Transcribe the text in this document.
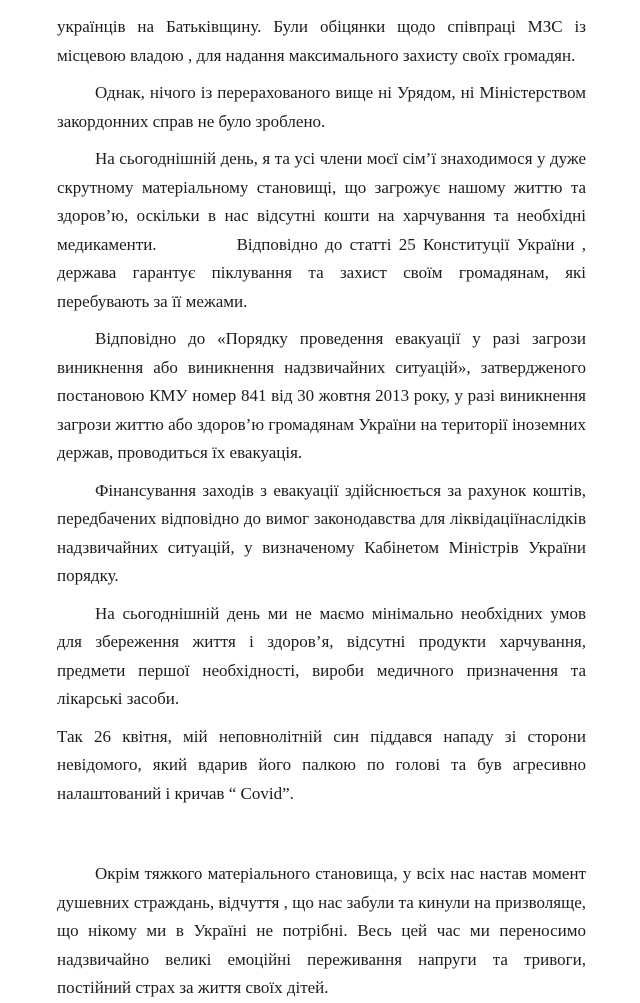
українців на Батьківщину. Були обіцянки щодо співпраці МЗС із місцевою владою , для надання максимального захисту своїх громадян.

Однак, нічого із перерахованого вище ні Урядом, ні Міністерством закордонних справ не було зроблено.

На сьогоднішній день, я та усі члени моєї сім’ї знаходимося у дуже скрутному матеріальному становищі, що загрожує нашому життю та здоров’ю, оскільки в нас відсутні кошти на харчування та необхідні медикаменти.           Відповідно до статті 25 Конституції України , держава гарантує піклування та захист своїм громадянам, які перебувають за її межами.

Відповідно до «Порядку проведення евакуації у разі загрози виникнення або виникнення надзвичайних ситуацій», затвердженого постановою КМУ номер 841 від 30 жовтня 2013 року, у разі виникнення загрози життю або здоров’ю громадянам України на території іноземних держав, проводиться їх евакуація.

Фінансування заходів з евакуації здійснюється за рахунок коштів, передбачених відповідно до вимог законодавства для ліквідаціїнаслідків надзвичайних ситуацій, у визначеному Кабінетом Міністрів України порядку.

На сьогоднішній день ми не маємо мінімально необхідних умов для збереження життя і здоров’я, відсутні продукти харчування, предмети першої необхідності, вироби медичного призначення та лікарські засоби.

Так 26 квітня, мій неповнолітній син піддався нападу зі сторони невідомого, який вдарив його палкою по голові та був агресивно налаштований і кричав “ Covid”.

Окрім тяжкого матеріального становища, у всіх нас настав момент душевних страждань, відчуття , що нас забули та кинули на призволяще, що нікому ми в Україні не потрібні. Весь цей час ми переносимо надзвичайно великі емоційні переживання напруги та тривоги, постійний страх за життя своїх дітей.
